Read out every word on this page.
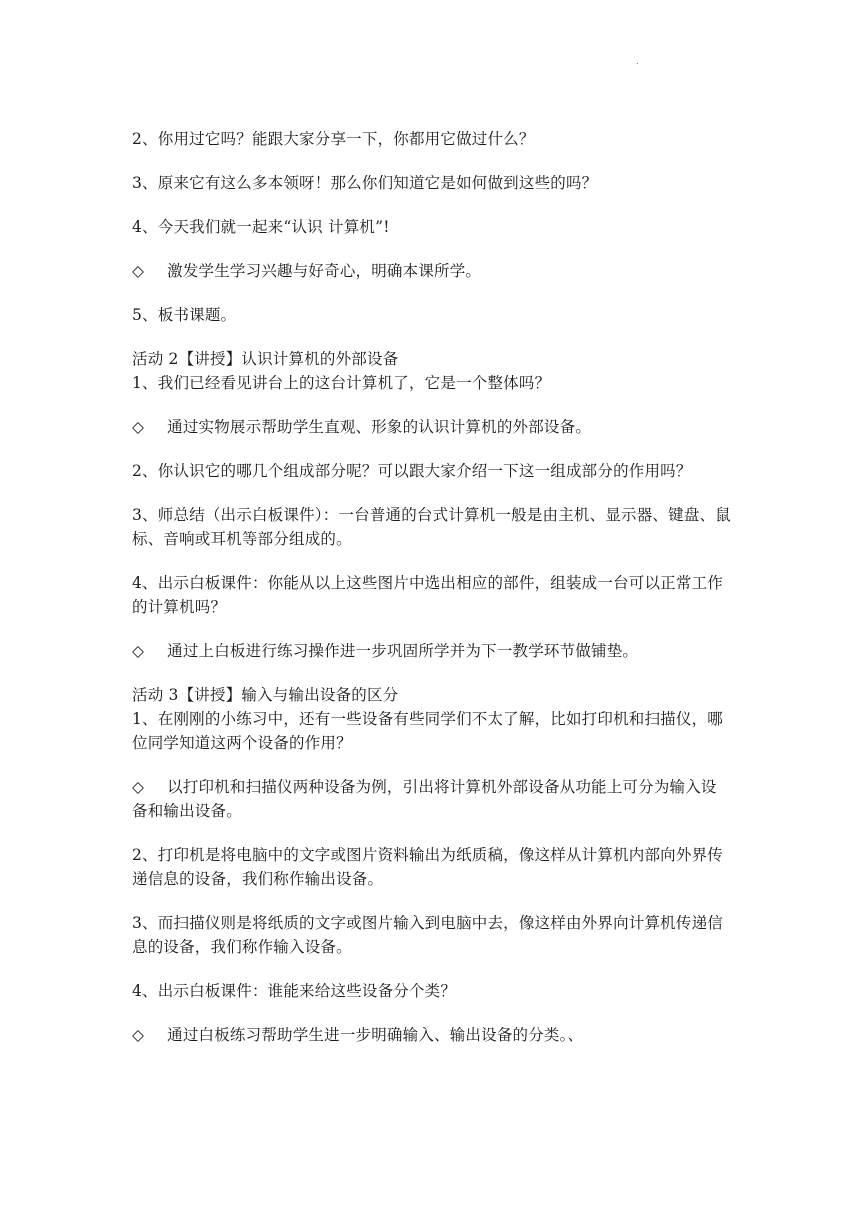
.

2、你用过它吗？能跟大家分享一下，你都用它做过什么？

3、原来它有这么多本领呀！那么你们知道它是如何做到这些的吗？

4、今天我们就一起来“认识 计算机”!

◇ 激发学生学习兴趣与好奇心，明确本课所学。

5、板书课题。

活动 2【讲授】认识计算机的外部设备

1、我们已经看见讲台上的这台计算机了，它是一个整体吗？

◇ 通过实物展示帮助学生直观、形象的认识计算机的外部设备。

2、你认识它的哪几个组成部分呢？可以跟大家介绍一下这一组成部分的作用吗？

3、师总结（出示白板课件）：一台普通的台式计算机一般是由主机、显示器、键盘、鼠标、音响或耳机等部分组成的。

4、出示白板课件：你能从以上这些图片中选出相应的部件，组装成一台可以正常工作的计算机吗？

◇ 通过上白板进行练习操作进一步巩固所学并为下一教学环节做铺垫。

活动 3【讲授】输入与输出设备的区分

1、在刚刚的小练习中，还有一些设备有些同学们不太了解，比如打印机和扫描仪，哪位同学知道这两个设备的作用？

◇ 以打印机和扫描仪两种设备为例，引出将计算机外部设备从功能上可分为输入设备和输出设备。

2、打印机是将电脑中的文字或图片资料输出为纸质稿，像这样从计算机内部向外界传递信息的设备，我们称作输出设备。

3、而扫描仪则是将纸质的文字或图片输入到电脑中去，像这样由外界向计算机传递信息的设备，我们称作输入设备。

4、出示白板课件：谁能来给这些设备分个类？

◇ 通过白板练习帮助学生进一步明确输入、输出设备的分类。、
